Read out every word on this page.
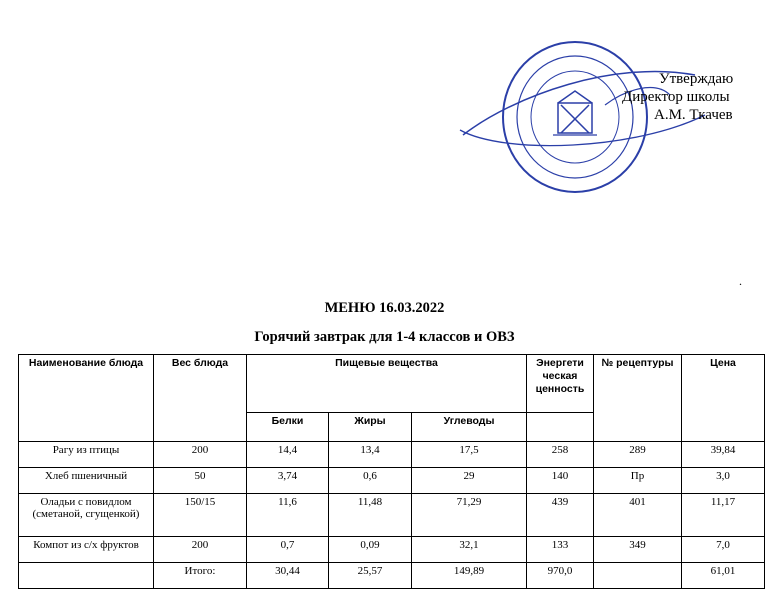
Утверждаю
Директор школы
А.М. Ткачев
.
МЕНЮ 16.03.2022
Горячий завтрак для 1-4 классов и ОВЗ
Наименование блюда	Вес блюда	Пищевые вещества			Энергети ческая ценность	№ рецептуры	Цена
		Белки	Жиры	Углеводы			
Рагу из птицы	200	14,4	13,4	17,5	258	289	39,84
Хлеб пшеничный	50	3,74	0,6	29	140	Пр	3,0
Оладьи с повидлом (сметаной, сгущенкой)	150/15	11,6	11,48	71,29	439	401	11,17
Компот из с/х фруктов	200	0,7	0,09	32,1	133	349	7,0
	Итого:	30,44	25,57	149,89	970,0		61,01
